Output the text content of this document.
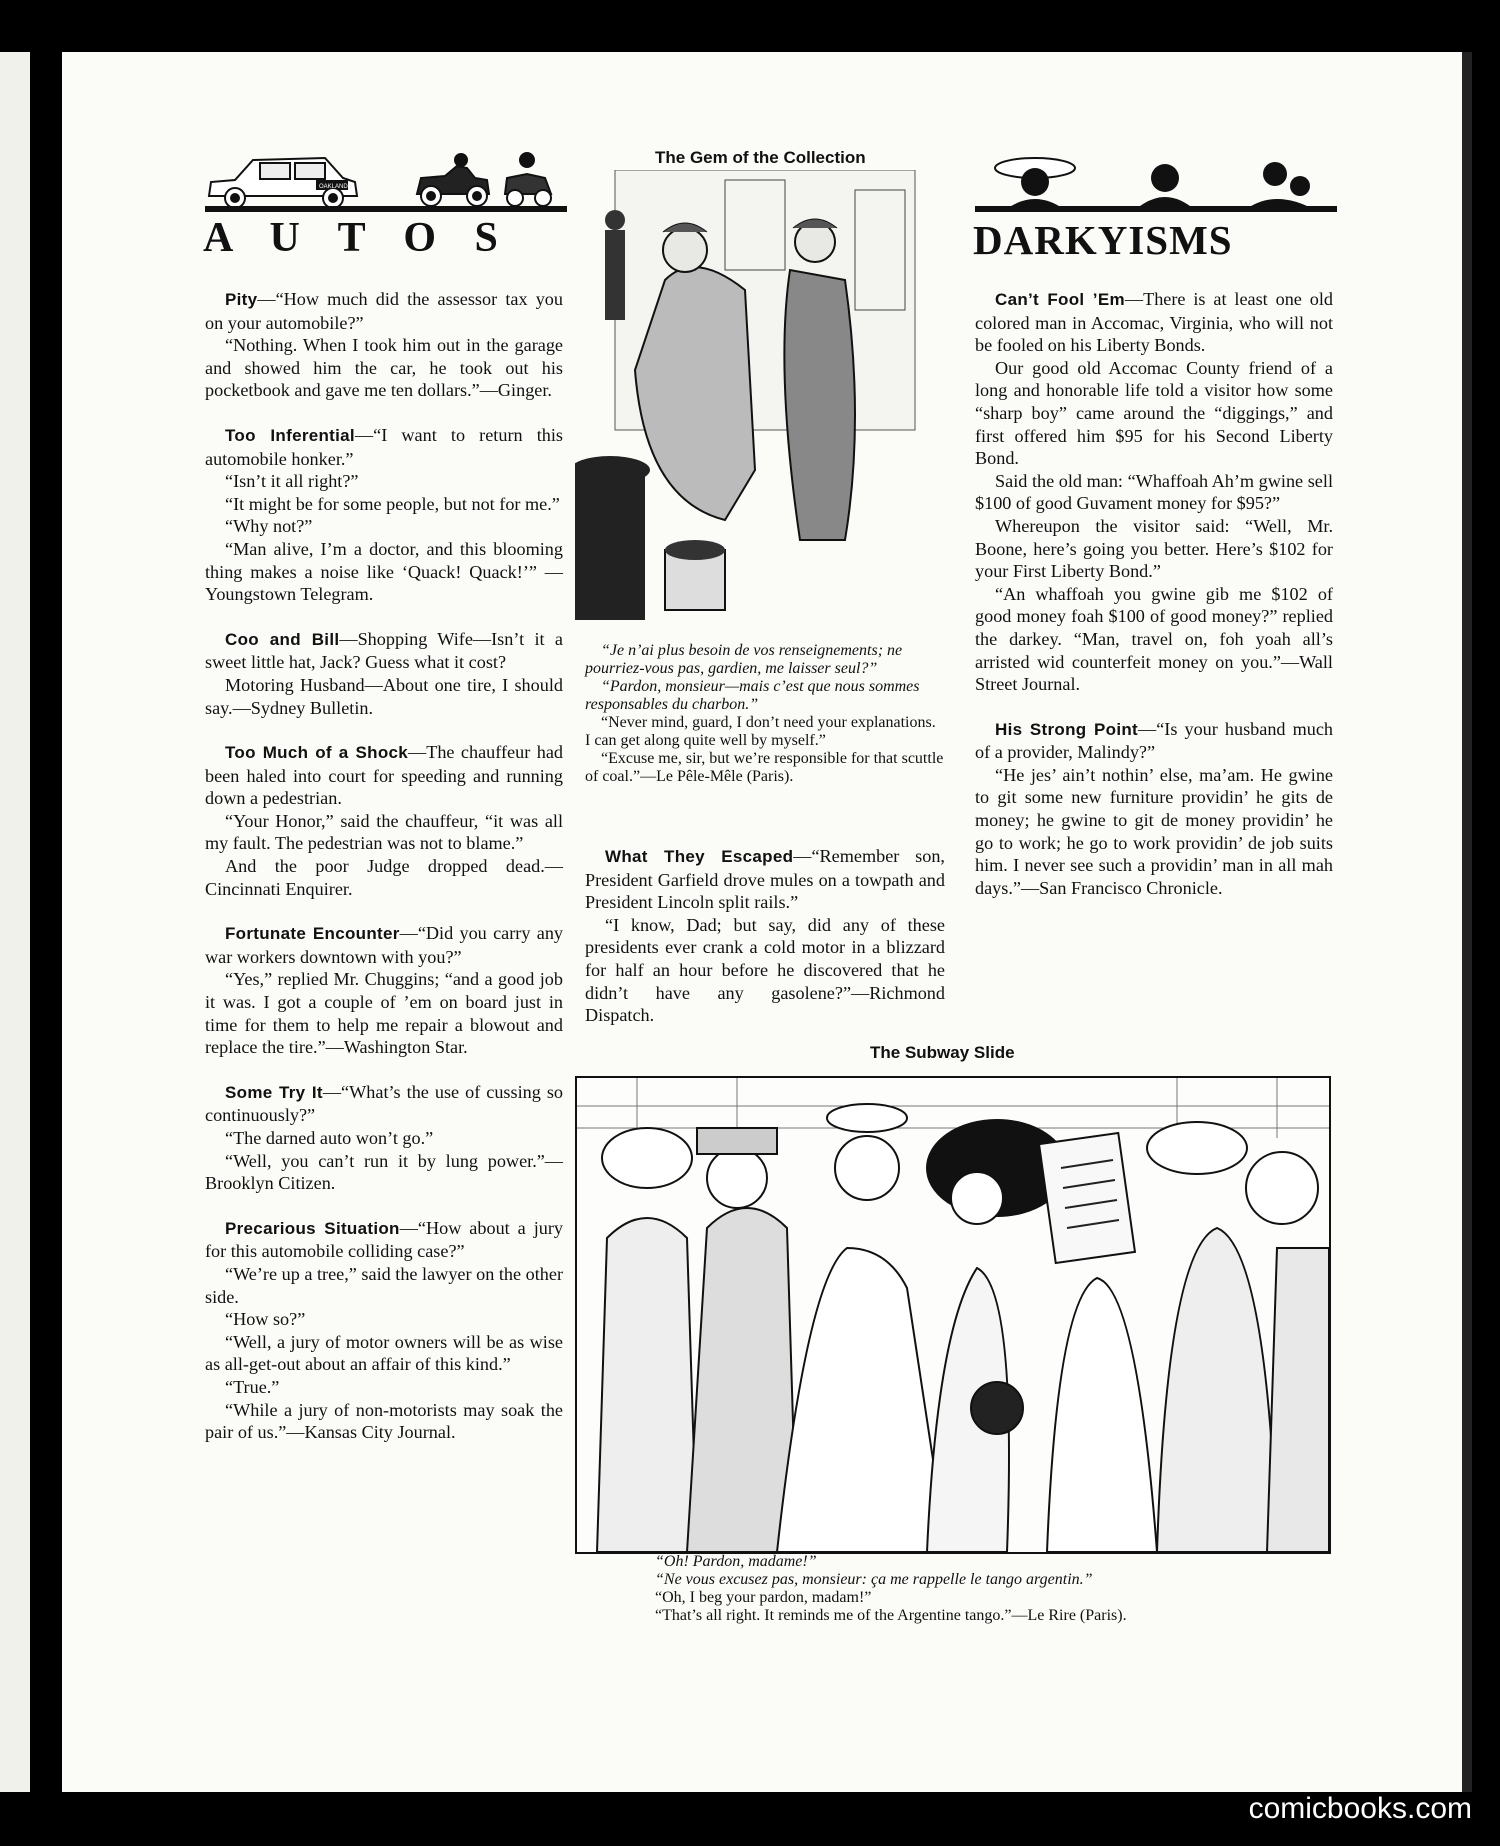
OAKLAND
A U T O S

Pity—“How much did the assessor tax you on your automobile?”

“Nothing. When I took him out in the garage and showed him the car, he took out his pocketbook and gave me ten dollars.”—Ginger.

Too Inferential—“I want to return this automobile honker.”

“Isn’t it all right?”

“It might be for some people, but not for me.”

“Why not?”

“Man alive, I’m a doctor, and this blooming thing makes a noise like ‘Quack! Quack!’” — Youngstown Telegram.

Coo and Bill—Shopping Wife—Isn’t it a sweet little hat, Jack? Guess what it cost?

Motoring Husband—About one tire, I should say.—Sydney Bulletin.

Too Much of a Shock—The chauffeur had been haled into court for speeding and running down a pedestrian.

“Your Honor,” said the chauffeur, “it was all my fault. The pedestrian was not to blame.”

And the poor Judge dropped dead.—Cincinnati Enquirer.

Fortunate Encounter—“Did you carry any war workers downtown with you?”

“Yes,” replied Mr. Chuggins; “and a good job it was. I got a couple of ’em on board just in time for them to help me repair a blowout and replace the tire.”—Washington Star.

Some Try It—“What’s the use of cussing so continuously?”

“The darned auto won’t go.”

“Well, you can’t run it by lung power.”—Brooklyn Citizen.

Precarious Situation—“How about a jury for this automobile colliding case?”

“We’re up a tree,” said the lawyer on the other side.

“How so?”

“Well, a jury of motor owners will be as wise as all-get-out about an affair of this kind.”

“True.”

“While a jury of non-motorists may soak the pair of us.”—Kansas City Journal.

The Gem of the Collection

“Je n’ai plus besoin de vos renseignements; ne pourriez-vous pas, gardien, me laisser seul?”

“Pardon, monsieur—mais c’est que nous sommes responsables du charbon.”

“Never mind, guard, I don’t need your explanations. I can get along quite well by myself.”

“Excuse me, sir, but we’re responsible for that scuttle of coal.”—Le Pêle-Mêle (Paris).

What They Escaped—“Remember son, President Garfield drove mules on a towpath and President Lincoln split rails.”

“I know, Dad; but say, did any of these presidents ever crank a cold motor in a blizzard for half an hour before he discovered that he didn’t have any gasolene?”—Richmond Dispatch.

DARKYISMS

Can’t Fool ’Em—There is at least one old colored man in Accomac, Virginia, who will not be fooled on his Liberty Bonds.

Our good old Accomac County friend of a long and honorable life told a visitor how some “sharp boy” came around the “diggings,” and first offered him $95 for his Second Liberty Bond.

Said the old man: “Whaffoah Ah’m gwine sell $100 of good Guvament money for $95?”

Whereupon the visitor said: “Well, Mr. Boone, here’s going you better. Here’s $102 for your First Liberty Bond.”

“An whaffoah you gwine gib me $102 of good money foah $100 of good money?” replied the darkey. “Man, travel on, foh yoah all’s arristed wid counterfeit money on you.”—Wall Street Journal.

His Strong Point—“Is your husband much of a provider, Malindy?”

“He jes’ ain’t nothin’ else, ma’am. He gwine to git some new furniture providin’ he gits de money; he gwine to git de money providin’ he go to work; he go to work providin’ de job suits him. I never see such a providin’ man in all mah days.”—San Francisco Chronicle.

The Subway Slide
“Oh! Pardon, madame!”
“Ne vous excusez pas, monsieur: ça me rappelle le tango argentin.”
“Oh, I beg your pardon, madam!”
“That’s all right. It reminds me of the Argentine tango.”—Le Rire (Paris).
comicbooks.com
